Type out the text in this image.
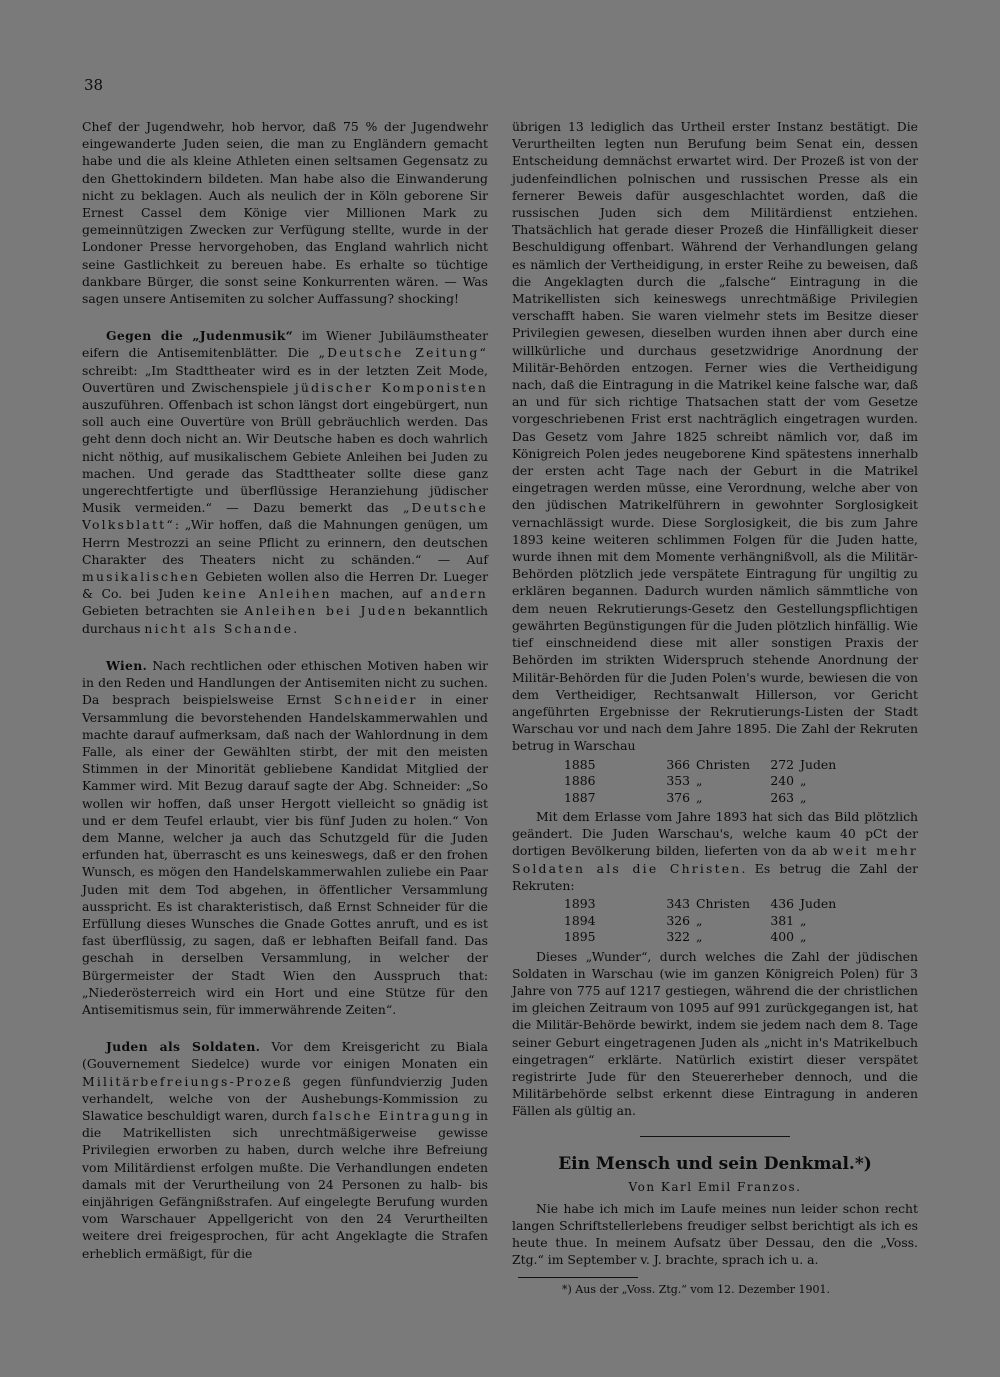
38

Chef der Jugendwehr, hob hervor, daß 75 % der Jugendwehr eingewanderte Juden seien, die man zu Engländern gemacht habe und die als kleine Athleten einen seltsamen Gegensatz zu den Ghettokindern bildeten. Man habe also die Einwanderung nicht zu beklagen. Auch als neulich der in Köln geborene Sir Ernest Cassel dem Könige vier Millionen Mark zu gemeinnützigen Zwecken zur Verfügung stellte, wurde in der Londoner Presse hervorgehoben, das England wahrlich nicht seine Gastlichkeit zu bereuen habe. Es erhalte so tüchtige dankbare Bürger, die sonst seine Konkurrenten wären. — Was sagen unsere Antisemiten zu solcher Auffassung? shocking!

Gegen die „Judenmusik“ im Wiener Jubiläumstheater eifern die Antisemitenblätter. Die „Deutsche Zeitung“ schreibt: „Im Stadttheater wird es in der letzten Zeit Mode, Ouvertüren und Zwischenspiele jüdischer Komponisten auszuführen. Offenbach ist schon längst dort eingebürgert, nun soll auch eine Ouvertüre von Brüll gebräuchlich werden. Das geht denn doch nicht an. Wir Deutsche haben es doch wahrlich nicht nöthig, auf musikalischem Gebiete Anleihen bei Juden zu machen. Und gerade das Stadttheater sollte diese ganz ungerechtfertigte und überflüssige Heranziehung jüdischer Musik vermeiden.“ — Dazu bemerkt das „Deutsche Volksblatt“: „Wir hoffen, daß die Mahnungen genügen, um Herrn Mestrozzi an seine Pflicht zu erinnern, den deutschen Charakter des Theaters nicht zu schänden.“ — Auf musikalischen Gebieten wollen also die Herren Dr. Lueger & Co. bei Juden keine Anleihen machen, auf andern Gebieten betrachten sie Anleihen bei Juden bekanntlich durchaus nicht als Schande.

Wien. Nach rechtlichen oder ethischen Motiven haben wir in den Reden und Handlungen der Antisemiten nicht zu suchen. Da besprach beispielsweise Ernst Schneider in einer Versammlung die bevorstehenden Handelskammerwahlen und machte darauf aufmerksam, daß nach der Wahlordnung in dem Falle, als einer der Gewählten stirbt, der mit den meisten Stimmen in der Minorität gebliebene Kandidat Mitglied der Kammer wird. Mit Bezug darauf sagte der Abg. Schneider: „So wollen wir hoffen, daß unser Hergott vielleicht so gnädig ist und er dem Teufel erlaubt, vier bis fünf Juden zu holen.“ Von dem Manne, welcher ja auch das Schutzgeld für die Juden erfunden hat, überrascht es uns keineswegs, daß er den frohen Wunsch, es mögen den Handelskammerwahlen zuliebe ein Paar Juden mit dem Tod abgehen, in öffentlicher Versammlung ausspricht. Es ist charakteristisch, daß Ernst Schneider für die Erfüllung dieses Wunsches die Gnade Gottes anruft, und es ist fast überflüssig, zu sagen, daß er lebhaften Beifall fand. Das geschah in derselben Versammlung, in welcher der Bürgermeister der Stadt Wien den Ausspruch that: „Niederösterreich wird ein Hort und eine Stütze für den Antisemitismus sein, für immerwährende Zeiten“.

Juden als Soldaten. Vor dem Kreisgericht zu Biala (Gouvernement Siedelce) wurde vor einigen Monaten ein Militärbefreiungs-Prozeß gegen fünfundvierzig Juden verhandelt, welche von der Aushebungs-Kommission zu Slawatice beschuldigt waren, durch falsche Eintragung in die Matrikellisten sich unrechtmäßigerweise gewisse Privilegien erworben zu haben, durch welche ihre Befreiung vom Militärdienst erfolgen mußte. Die Verhandlungen endeten damals mit der Verurtheilung von 24 Personen zu halb- bis einjährigen Gefängnißstrafen. Auf eingelegte Berufung wurden vom Warschauer Appellgericht von den 24 Verurtheilten weitere drei freigesprochen, für acht Angeklagte die Strafen erheblich ermäßigt, für die

übrigen 13 lediglich das Urtheil erster Instanz bestätigt. Die Verurtheilten legten nun Berufung beim Senat ein, dessen Entscheidung demnächst erwartet wird. Der Prozeß ist von der judenfeindlichen polnischen und russischen Presse als ein fernerer Beweis dafür ausgeschlachtet worden, daß die russischen Juden sich dem Militärdienst entziehen. Thatsächlich hat gerade dieser Prozeß die Hinfälligkeit dieser Beschuldigung offenbart. Während der Verhandlungen gelang es nämlich der Vertheidigung, in erster Reihe zu beweisen, daß die Angeklagten durch die „falsche“ Eintragung in die Matrikellisten sich keineswegs unrechtmäßige Privilegien verschafft haben. Sie waren vielmehr stets im Besitze dieser Privilegien gewesen, dieselben wurden ihnen aber durch eine willkürliche und durchaus gesetzwidrige Anordnung der Militär-Behörden entzogen. Ferner wies die Vertheidigung nach, daß die Eintragung in die Matrikel keine falsche war, daß an und für sich richtige Thatsachen statt der vom Gesetze vorgeschriebenen Frist erst nachträglich eingetragen wurden. Das Gesetz vom Jahre 1825 schreibt nämlich vor, daß im Königreich Polen jedes neugeborene Kind spätestens innerhalb der ersten acht Tage nach der Geburt in die Matrikel eingetragen werden müsse, eine Verordnung, welche aber von den jüdischen Matrikelführern in gewohnter Sorglosigkeit vernachlässigt wurde. Diese Sorglosigkeit, die bis zum Jahre 1893 keine weiteren schlimmen Folgen für die Juden hatte, wurde ihnen mit dem Momente verhängnißvoll, als die Militär-Behörden plötzlich jede verspätete Eintragung für ungiltig zu erklären begannen. Dadurch wurden nämlich sämmtliche von dem neuen Rekrutierungs-Gesetz den Gestellungspflichtigen gewährten Begünstigungen für die Juden plötzlich hinfällig. Wie tief einschneidend diese mit aller sonstigen Praxis der Behörden im strikten Widerspruch stehende Anordnung der Militär-Behörden für die Juden Polen's wurde, bewiesen die von dem Vertheidiger, Rechtsanwalt Hillerson, vor Gericht angeführten Ergebnisse der Rekrutierungs-Listen der Stadt Warschau vor und nach dem Jahre 1895. Die Zahl der Rekruten betrug in Warschau

1885	366	Christen	272	Juden
1886	353	„	240	„
1887	376	„	263	„

Mit dem Erlasse vom Jahre 1893 hat sich das Bild plötzlich geändert. Die Juden Warschau's, welche kaum 40 pCt der dortigen Bevölkerung bilden, lieferten von da ab weit mehr Soldaten als die Christen. Es betrug die Zahl der Rekruten:

1893	343	Christen	436	Juden
1894	326	„	381	„
1895	322	„	400	„

Dieses „Wunder“, durch welches die Zahl der jüdischen Soldaten in Warschau (wie im ganzen Königreich Polen) für 3 Jahre von 775 auf 1217 gestiegen, während die der christlichen im gleichen Zeitraum von 1095 auf 991 zurückgegangen ist, hat die Militär-Behörde bewirkt, indem sie jedem nach dem 8. Tage seiner Geburt eingetragenen Juden als „nicht in's Matrikelbuch eingetragen“ erklärte. Natürlich existirt dieser verspätet registrirte Jude für den Steuererheber dennoch, und die Militärbehörde selbst erkennt diese Eintragung in anderen Fällen als gültig an.

Ein Mensch und sein Denkmal.*)
Von Karl Emil Franzos.

Nie habe ich mich im Laufe meines nun leider schon recht langen Schriftstellerlebens freudiger selbst berichtigt als ich es heute thue. In meinem Aufsatz über Dessau, den die „Voss. Ztg.“ im September v. J. brachte, sprach ich u. a.

*) Aus der „Voss. Ztg.“ vom 12. Dezember 1901.
